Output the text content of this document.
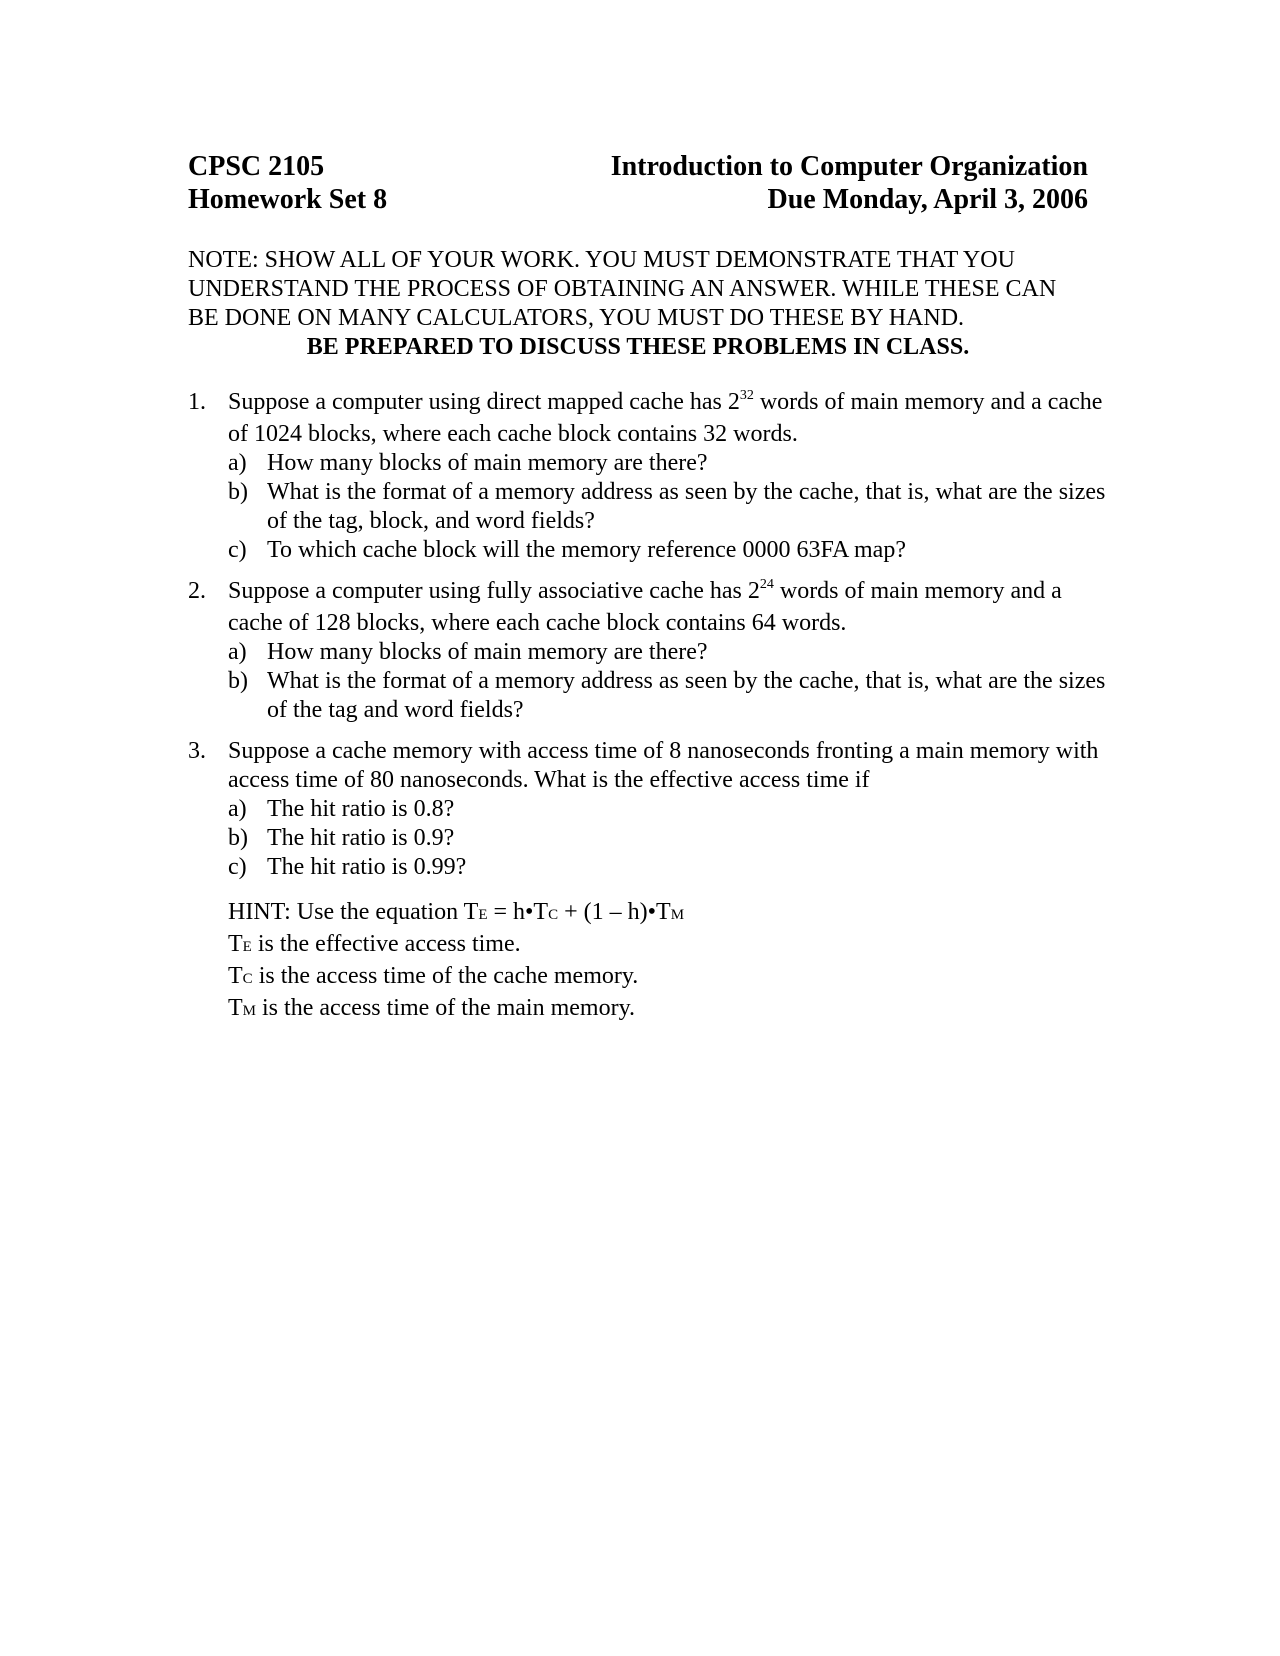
CPSC 2105
Homework Set 8
Introduction to Computer Organization
Due Monday, April 3, 2006
NOTE: SHOW ALL OF YOUR WORK. YOU MUST DEMONSTRATE THAT YOU
UNDERSTAND THE PROCESS OF OBTAINING AN ANSWER. WHILE THESE CAN
BE DONE ON MANY CALCULATORS, YOU MUST DO THESE BY HAND.
BE PREPARED TO DISCUSS THESE PROBLEMS IN CLASS.
1. Suppose a computer using direct mapped cache has $2^{32}$ words of main memory and a cache of 1024 blocks, where each cache block contains 32 words.
a) How many blocks of main memory are there?
b) What is the format of a memory address as seen by the cache, that is, what are the sizes of the tag, block, and word fields?
c) To which cache block will the memory reference 0000 63FA map?
2. Suppose a computer using fully associative cache has $2^{24}$ words of main memory and a cache of 128 blocks, where each cache block contains 64 words.
a) How many blocks of main memory are there?
b) What is the format of a memory address as seen by the cache, that is, what are the sizes of the tag and word fields?
3. Suppose a cache memory with access time of 8 nanoseconds fronting a main memory with access time of 80 nanoseconds. What is the effective access time if
a) The hit ratio is 0.8?
b) The hit ratio is 0.9?
c) The hit ratio is 0.99?
HINT: Use the equation TE = h•TC + (1 – h)•TM
TE is the effective access time.
TC is the access time of the cache memory.
TM is the access time of the main memory.
